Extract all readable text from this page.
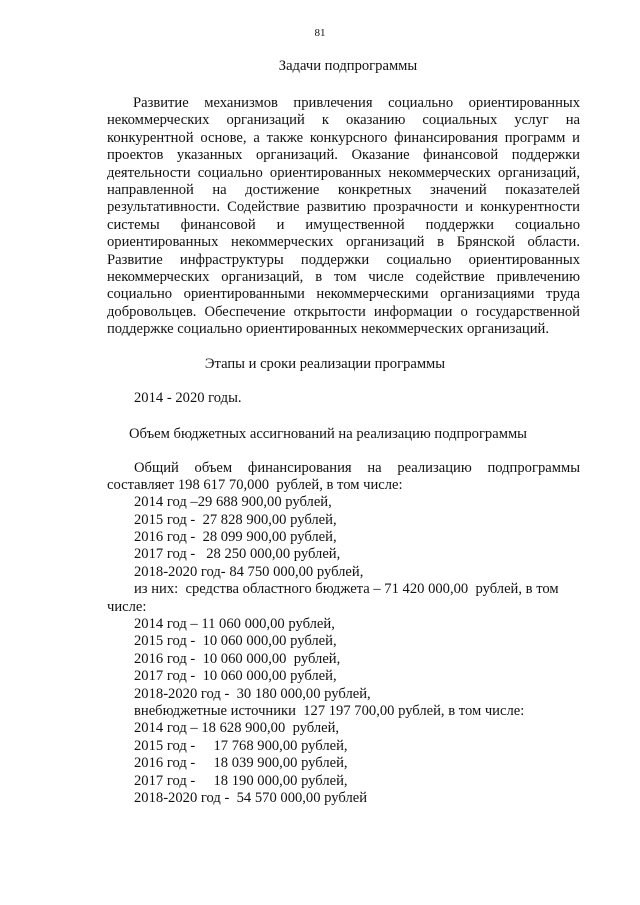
81
Задачи подпрограммы

Развитие механизмов привлечения социально ориентированных некоммерческих организаций к оказанию социальных услуг на конкурентной основе, а также конкурсного финансирования программ и проектов указанных организаций. Оказание финансовой поддержки деятельности социально ориентированных некоммерческих организаций, направленной на достижение конкретных значений показателей результативности. Содействие развитию прозрачности и конкурентности системы финансовой и имущественной поддержки социально ориентированных некоммерческих организаций в Брянской области. Развитие инфраструктуры поддержки социально ориентированных некоммерческих организаций, в том числе содействие привлечению социально ориентированными некоммерческими организациями труда добровольцев. Обеспечение открытости информации о государственной поддержке социально ориентированных некоммерческих организаций.

Этапы и сроки реализации программы
2014 - 2020 годы.
Объем бюджетных ассигнований на реализацию подпрограммы
Общий объем финансирования на реализацию подпрограммы
составляет 198 617 70,000  рублей, в том числе:
2014 год –29 688 900,00 рублей,
2015 год -  27 828 900,00 рублей,
2016 год -  28 099 900,00 рублей,
2017 год -   28 250 000,00 рублей,
2018-2020 год- 84 750 000,00 рублей,
из них:  средства областного бюджета – 71 420 000,00  рублей, в том
числе:
2014 год – 11 060 000,00 рублей,
2015 год -  10 060 000,00 рублей,
2016 год -  10 060 000,00  рублей,
2017 год -  10 060 000,00 рублей,
2018-2020 год -  30 180 000,00 рублей,
внебюджетные источники  127 197 700,00 рублей, в том числе:
2014 год – 18 628 900,00  рублей,
2015 год -     17 768 900,00 рублей,
2016 год -     18 039 900,00 рублей,
2017 год -     18 190 000,00 рублей,
2018-2020 год -  54 570 000,00 рублей
